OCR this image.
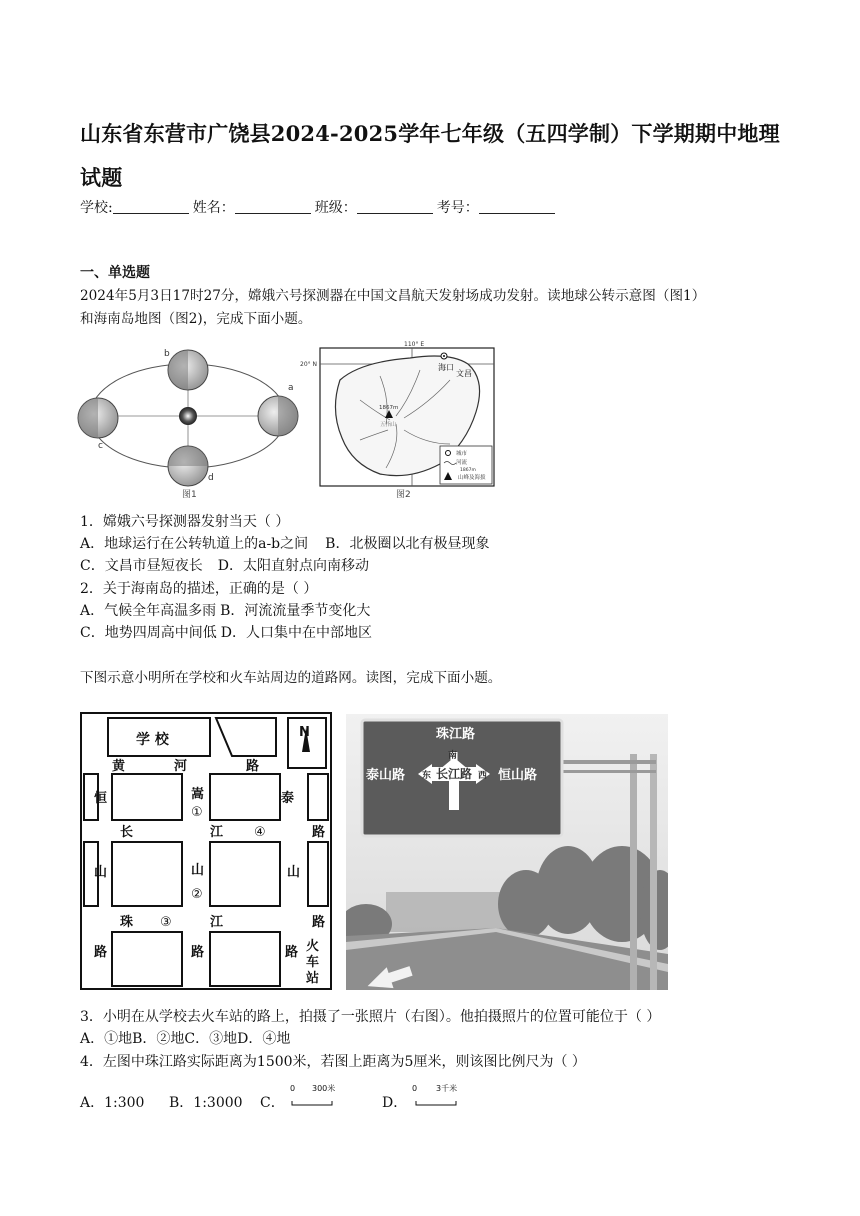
山东省东营市广饶县2024-2025学年七年级（五四学制）下学期期中地理
试题
学校:	姓名：	班级：	考号：
一、单选题
2024年5月3日17时27分，嫦娥六号探测器在中国文昌航天发射场成功发射。读地球公转示意图（图1）
和海南岛地图（图2)，完成下面小题。
b
a
c
d
图1
110° E
20° N	海口
文昌
1867m
五指山
城市
河流
1867m
山峰及海拔
图2
1．嫦娥六号探测器发射当天（ ）
A．地球运行在公转轨道上的a-b之间 B．北极圈以北有极昼现象
C．文昌市昼短夜长 D．太阳直射点向南移动
2．关于海南岛的描述，正确的是（ ）
A．气候全年高温多雨 B．河流流量季节变化大
C．地势四周高中间低 D．人口集中在中部地区
下图示意小明所在学校和火车站周边的道路网。读图，完成下面小题。
N
学 校
黄	河	路
恒
山
路
嵩
①
山
②
路
泰
山
路
长	江 ④	路
珠 ③	江	路
火
车
站
珠江路
南
泰山路 东 长江路 西 恒山路
3．小明在从学校去火车站的路上，拍摄了一张照片（右图）。他拍摄照片的位置可能位于（ ）
A．①地B．②地C．③地D．④地
4．左图中珠江路实际距离为1500米，若图上距离为5厘米，则该图比例尺为（ ）
A．1:300 B．1:3000 C．
0 300米
D．
0 3千米
